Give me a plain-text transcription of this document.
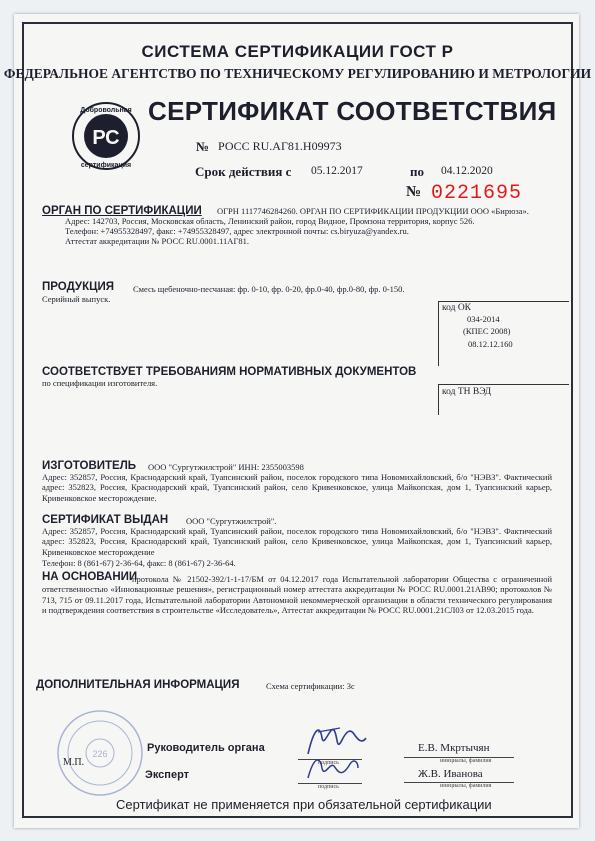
СИСТЕМА СЕРТИФИКАЦИИ ГОСТ Р
ФЕДЕРАЛЬНОЕ АГЕНТСТВО ПО ТЕХНИЧЕСКОМУ РЕГУЛИРОВАНИЮ И МЕТРОЛОГИИ
РС
Добровольная
сертификация
СЕРТИФИКАТ СООТВЕТСТВИЯ
№ РОСС RU.АГ81.Н09973
Срок действия с 05.12.2017	по 04.12.2020
№ 0221695
ОРГАН ПО СЕРТИФИКАЦИИ ОГРН 1117746284260. ОРГАН ПО СЕРТИФИКАЦИИ ПРОДУКЦИИ ООО «Бирюза».
Адрес: 142703, Россия, Московская область, Ленинский район, город Видное, Промзона территория, корпус 526.
Телефон: +74955328497, факс: +74955328497, адрес электронной почты: cs.biryuza@yandex.ru.
Аттестат аккредитации № РОСС RU.0001.11АГ81.
ПРОДУКЦИЯ Смесь щебеночно-песчаная: фр. 0-10, фр. 0-20, фр.0-40, фр.0-80, фр. 0-150.
Серийный выпуск.
код ОК
034-2014
(КПЕС 2008)
08.12.12.160
СООТВЕТСТВУЕТ ТРЕБОВАНИЯМ НОРМАТИВНЫХ ДОКУМЕНТОВ
по спецификации изготовителя.
код ТН ВЭД
ИЗГОТОВИТЕЛЬ ООО "Сургутжилстрой" ИНН: 2355003598
Адрес: 352857, Россия, Краснодарский край, Туапсинский район, поселок городского типа Новомихайловский, б/о "НЭВЗ". Фактический адрес: 352823, Россия, Краснодарский край, Туапсинский район, село Кривенковское, улица Майкопская, дом 1, Туапсинский карьер, Кривенковское месторождение.
СЕРТИФИКАТ ВЫДАН ООО "Сургутжилстрой".
Адрес: 352857, Россия, Краснодарский край, Туапсинский район, поселок городского типа Новомихайловский, б/о "НЭВЗ". Фактический адрес: 352823, Россия, Краснодарский край, Туапсинский район, село Кривенковское, улица Майкопская, дом 1, Туапсинский карьер, Кривенковское месторождение
Телефон: 8 (861-67) 2-36-64, факс: 8 (861-67) 2-36-64.
НА ОСНОВАНИИ
протокола № 21502-392/1-1-17/БМ от 04.12.2017 года Испытательной лаборатории Общества с ограниченной ответственностью «Инновационные решения», регистрационный номер аттестата аккредитации № РОСС RU.0001.21АВ90; протоколов № 713, 715 от 09.11.2017 года, Испытательной лаборатории Автономной некоммерческой организации в области технического регулирования и подтверждения соответствия в строительстве «Исследователь», Аттестат аккредитации № РОСС RU.0001.21СЛ03 от 12.03.2015 года.
ДОПОЛНИТЕЛЬНАЯ ИНФОРМАЦИЯ	Схема сертификации: 3с
226
М.П.
Руководитель органа
подпись
Е.В. Мкртычян
инициалы, фамилия
Эксперт
подпись
Ж.В. Иванова
инициалы, фамилия
Сертификат не применяется при обязательной сертификации
